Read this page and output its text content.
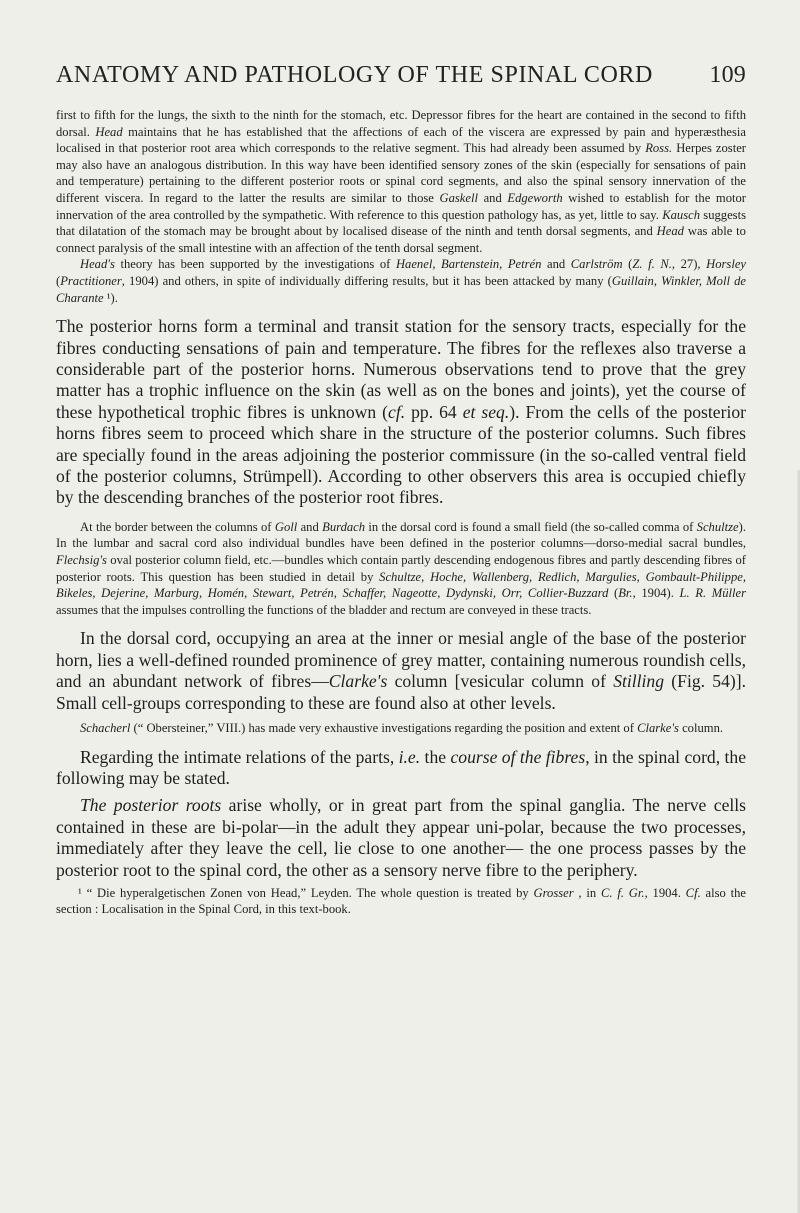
ANATOMY AND PATHOLOGY OF THE SPINAL CORD 109

first to fifth for the lungs, the sixth to the ninth for the stomach, etc. Depressor fibres for the heart are contained in the second to fifth dorsal. Head maintains that he has established that the affections of each of the viscera are expressed by pain and hyperæsthesia localised in that posterior root area which corresponds to the relative segment. This had already been assumed by Ross. Herpes zoster may also have an analogous distribution. In this way have been identified sensory zones of the skin (especially for sensations of pain and temperature) pertaining to the different posterior roots or spinal cord segments, and also the spinal sensory innervation of the different viscera. In regard to the latter the results are similar to those Gaskell and Edgeworth wished to establish for the motor innervation of the area controlled by the sympathetic. With reference to this question pathology has, as yet, little to say. Kausch suggests that dilatation of the stomach may be brought about by localised disease of the ninth and tenth dorsal segments, and Head was able to connect paralysis of the small intestine with an affection of the tenth dorsal segment.

Head's theory has been supported by the investigations of Haenel, Bartenstein, Petrén and Carlström (Z. f. N., 27), Horsley (Practitioner, 1904) and others, in spite of individually differing results, but it has been attacked by many (Guillain, Winkler, Moll de Charante ¹).

The posterior horns form a terminal and transit station for the sensory tracts, especially for the fibres conducting sensations of pain and temperature. The fibres for the reflexes also traverse a considerable part of the posterior horns. Numerous observations tend to prove that the grey matter has a trophic influence on the skin (as well as on the bones and joints), yet the course of these hypothetical trophic fibres is unknown (cf. pp. 64 et seq.). From the cells of the posterior horns fibres seem to proceed which share in the structure of the posterior columns. Such fibres are specially found in the areas adjoining the posterior commissure (in the so-called ventral field of the posterior columns, Strümpell). According to other observers this area is occupied chiefly by the descending branches of the posterior root fibres.

At the border between the columns of Goll and Burdach in the dorsal cord is found a small field (the so-called comma of Schultze). In the lumbar and sacral cord also individual bundles have been defined in the posterior columns—dorso-medial sacral bundles, Flechsig's oval posterior column field, etc.—bundles which contain partly descending endogenous fibres and partly descending fibres of posterior roots. This question has been studied in detail by Schultze, Hoche, Wallenberg, Redlich, Margulies, Gombault-Philippe, Bikeles, Dejerine, Marburg, Homén, Stewart, Petrén, Schaffer, Nageotte, Dydynski, Orr, Collier-Buzzard (Br., 1904). L. R. Müller assumes that the impulses controlling the functions of the bladder and rectum are conveyed in these tracts.

In the dorsal cord, occupying an area at the inner or mesial angle of the base of the posterior horn, lies a well-defined rounded prominence of grey matter, containing numerous roundish cells, and an abundant network of fibres—Clarke's column [vesicular column of Stilling (Fig. 54)]. Small cell-groups corresponding to these are found also at other levels.

Schacherl (“ Obersteiner,” VIII.) has made very exhaustive investigations regarding the position and extent of Clarke's column.

Regarding the intimate relations of the parts, i.e. the course of the fibres, in the spinal cord, the following may be stated.

The posterior roots arise wholly, or in great part from the spinal ganglia. The nerve cells contained in these are bi-polar—in the adult they appear uni-polar, because the two processes, immediately after they leave the cell, lie close to one another— the one process passes by the posterior root to the spinal cord, the other as a sensory nerve fibre to the periphery.

¹ “ Die hyperalgetischen Zonen von Head,” Leyden. The whole question is treated by Grosser , in C. f. Gr., 1904. Cf. also the section : Localisation in the Spinal Cord, in this text-book.
